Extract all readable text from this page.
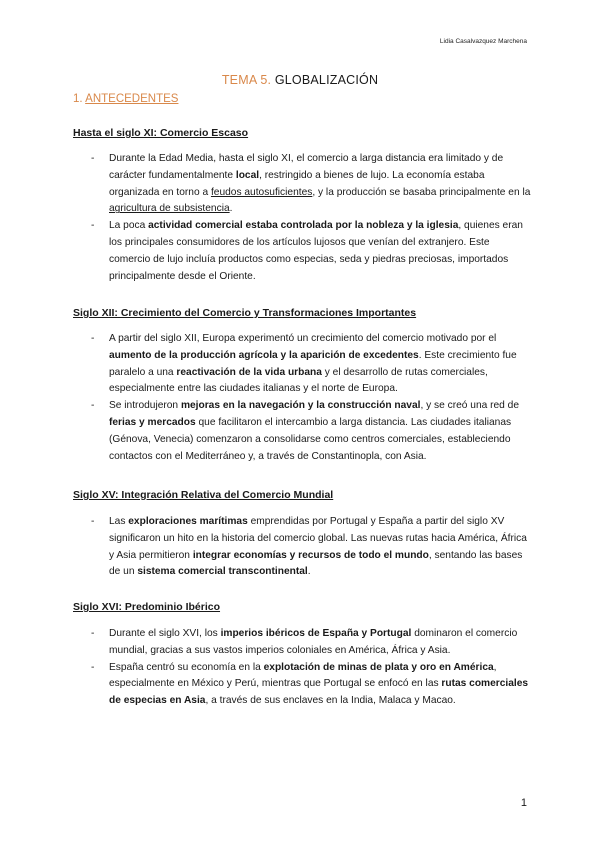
Lidia Casalvazquez Marchena
TEMA 5. GLOBALIZACIÓN
1. ANTECEDENTES
Hasta el siglo XI: Comercio Escaso
- Durante la Edad Media, hasta el siglo XI, el comercio a larga distancia era limitado y de carácter fundamentalmente local, restringido a bienes de lujo. La economía estaba organizada en torno a feudos autosuficientes, y la producción se basaba principalmente en la agricultura de subsistencia.
- La poca actividad comercial estaba controlada por la nobleza y la iglesia, quienes eran los principales consumidores de los artículos lujosos que venían del extranjero. Este comercio de lujo incluía productos como especias, seda y piedras preciosas, importados principalmente desde el Oriente.
Siglo XII: Crecimiento del Comercio y Transformaciones Importantes
- A partir del siglo XII, Europa experimentó un crecimiento del comercio motivado por el aumento de la producción agrícola y la aparición de excedentes. Este crecimiento fue paralelo a una reactivación de la vida urbana y el desarrollo de rutas comerciales, especialmente entre las ciudades italianas y el norte de Europa.
- Se introdujeron mejoras en la navegación y la construcción naval, y se creó una red de ferias y mercados que facilitaron el intercambio a larga distancia. Las ciudades italianas (Génova, Venecia) comenzaron a consolidarse como centros comerciales, estableciendo contactos con el Mediterráneo y, a través de Constantinopla, con Asia.
Siglo XV: Integración Relativa del Comercio Mundial
- Las exploraciones marítimas emprendidas por Portugal y España a partir del siglo XV significaron un hito en la historia del comercio global. Las nuevas rutas hacia América, África y Asia permitieron integrar economías y recursos de todo el mundo, sentando las bases de un sistema comercial transcontinental.
Siglo XVI: Predominio Ibérico
- Durante el siglo XVI, los imperios ibéricos de España y Portugal dominaron el comercio mundial, gracias a sus vastos imperios coloniales en América, África y Asia.
- España centró su economía en la explotación de minas de plata y oro en América, especialmente en México y Perú, mientras que Portugal se enfocó en las rutas comerciales de especias en Asia, a través de sus enclaves en la India, Malaca y Macao.
1
